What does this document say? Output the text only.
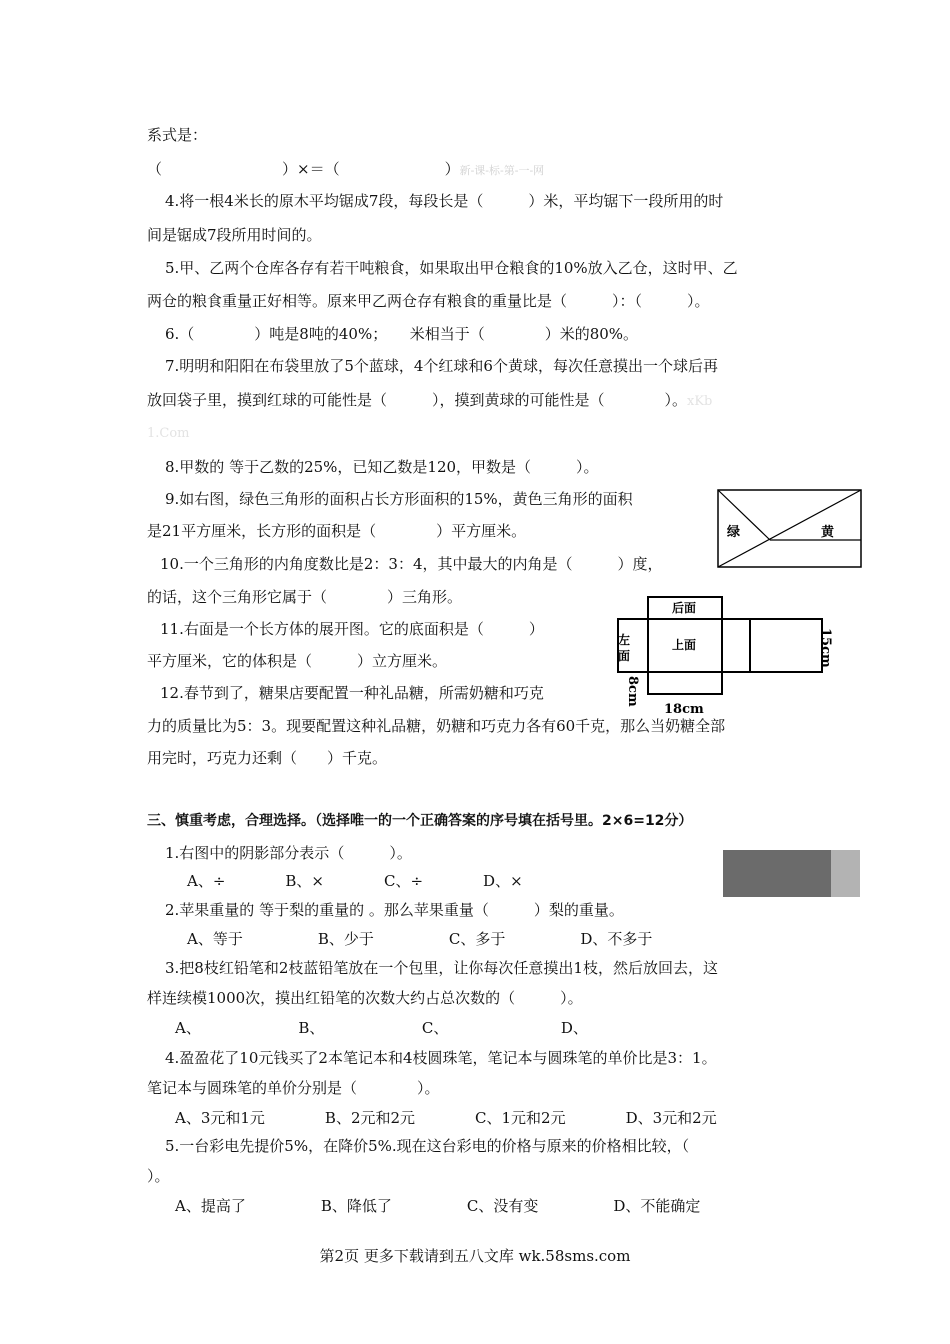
系式是：
（　　　　　　　　）×＝（　　　　　　　）新-课-标-第-一-网
4.将一根4米长的原木平均锯成7段，每段长是（　　　）米，平均锯下一段所用的时
间是锯成7段所用时间的。
5.甲、乙两个仓库各存有若干吨粮食，如果取出甲仓粮食的10%放入乙仓，这时甲、乙
两仓的粮食重量正好相等。原来甲乙两仓存有粮食的重量比是（　　　）：（　　　）。
6.（　　　　）吨是8吨的40%；　　米相当于（　　　　）米的80%。
7.明明和阳阳在布袋里放了5个蓝球，4个红球和6个黄球，每次任意摸出一个球后再
放回袋子里，摸到红球的可能性是（　　　），摸到黄球的可能性是（　　　　）。xKb
1.Com
8.甲数的 等于乙数的25%，已知乙数是120，甲数是（　　　）。
9.如右图，绿色三角形的面积占长方形面积的15%，黄色三角形的面积
是21平方厘米，长方形的面积是（　　　　）平方厘米。
10.一个三角形的内角度数比是2：3：4，其中最大的内角是（　　　）度，
的话，这个三角形它属于（　　　　）三角形。
11.右面是一个长方体的展开图。它的底面积是（　　　）
平方厘米，它的体积是（　　　）立方厘米。
12.春节到了，糖果店要配置一种礼品糖，所需奶糖和巧克
力的质量比为5：3。现要配置这种礼品糖，奶糖和巧克力各有60千克，那么当奶糖全部
用完时，巧克力还剩（　　）千克。
绿	黄
后面
上面
左
面	15cm
8cm
18cm
三、慎重考虑，合理选择。（选择唯一的一个正确答案的序号填在括号里。2×6=12分）
1.右图中的阴影部分表示（　　　）。
A、÷　　　　B、×　　　　C、÷　　　　D、×
2.苹果重量的 等于梨的重量的 。那么苹果重量（　　　）梨的重量。
A、等于　　　　　B、少于　　　　　C、多于　　　　　D、不多于
3.把8枝红铅笔和2枝蓝铅笔放在一个包里，让你每次任意摸出1枝，然后放回去，这
样连续模1000次，摸出红铅笔的次数大约占总次数的（　　　）。
A、　　　　　　　B、　　　　　　　C、　　　　　　　　D、
4.盈盈花了10元钱买了2本笔记本和4枝圆珠笔，笔记本与圆珠笔的单价比是3：1。
笔记本与圆珠笔的单价分别是（　　　　）。
A、3元和1元　　　　B、2元和2元　　　　C、1元和2元　　　　D、3元和2元
5.一台彩电先提价5%，在降价5%.现在这台彩电的价格与原来的价格相比较，（
）。
A、提高了　　　　　B、降低了　　　　　C、没有变　　　　　D、不能确定
第2页 更多下载请到五八文库 wk.58sms.com
